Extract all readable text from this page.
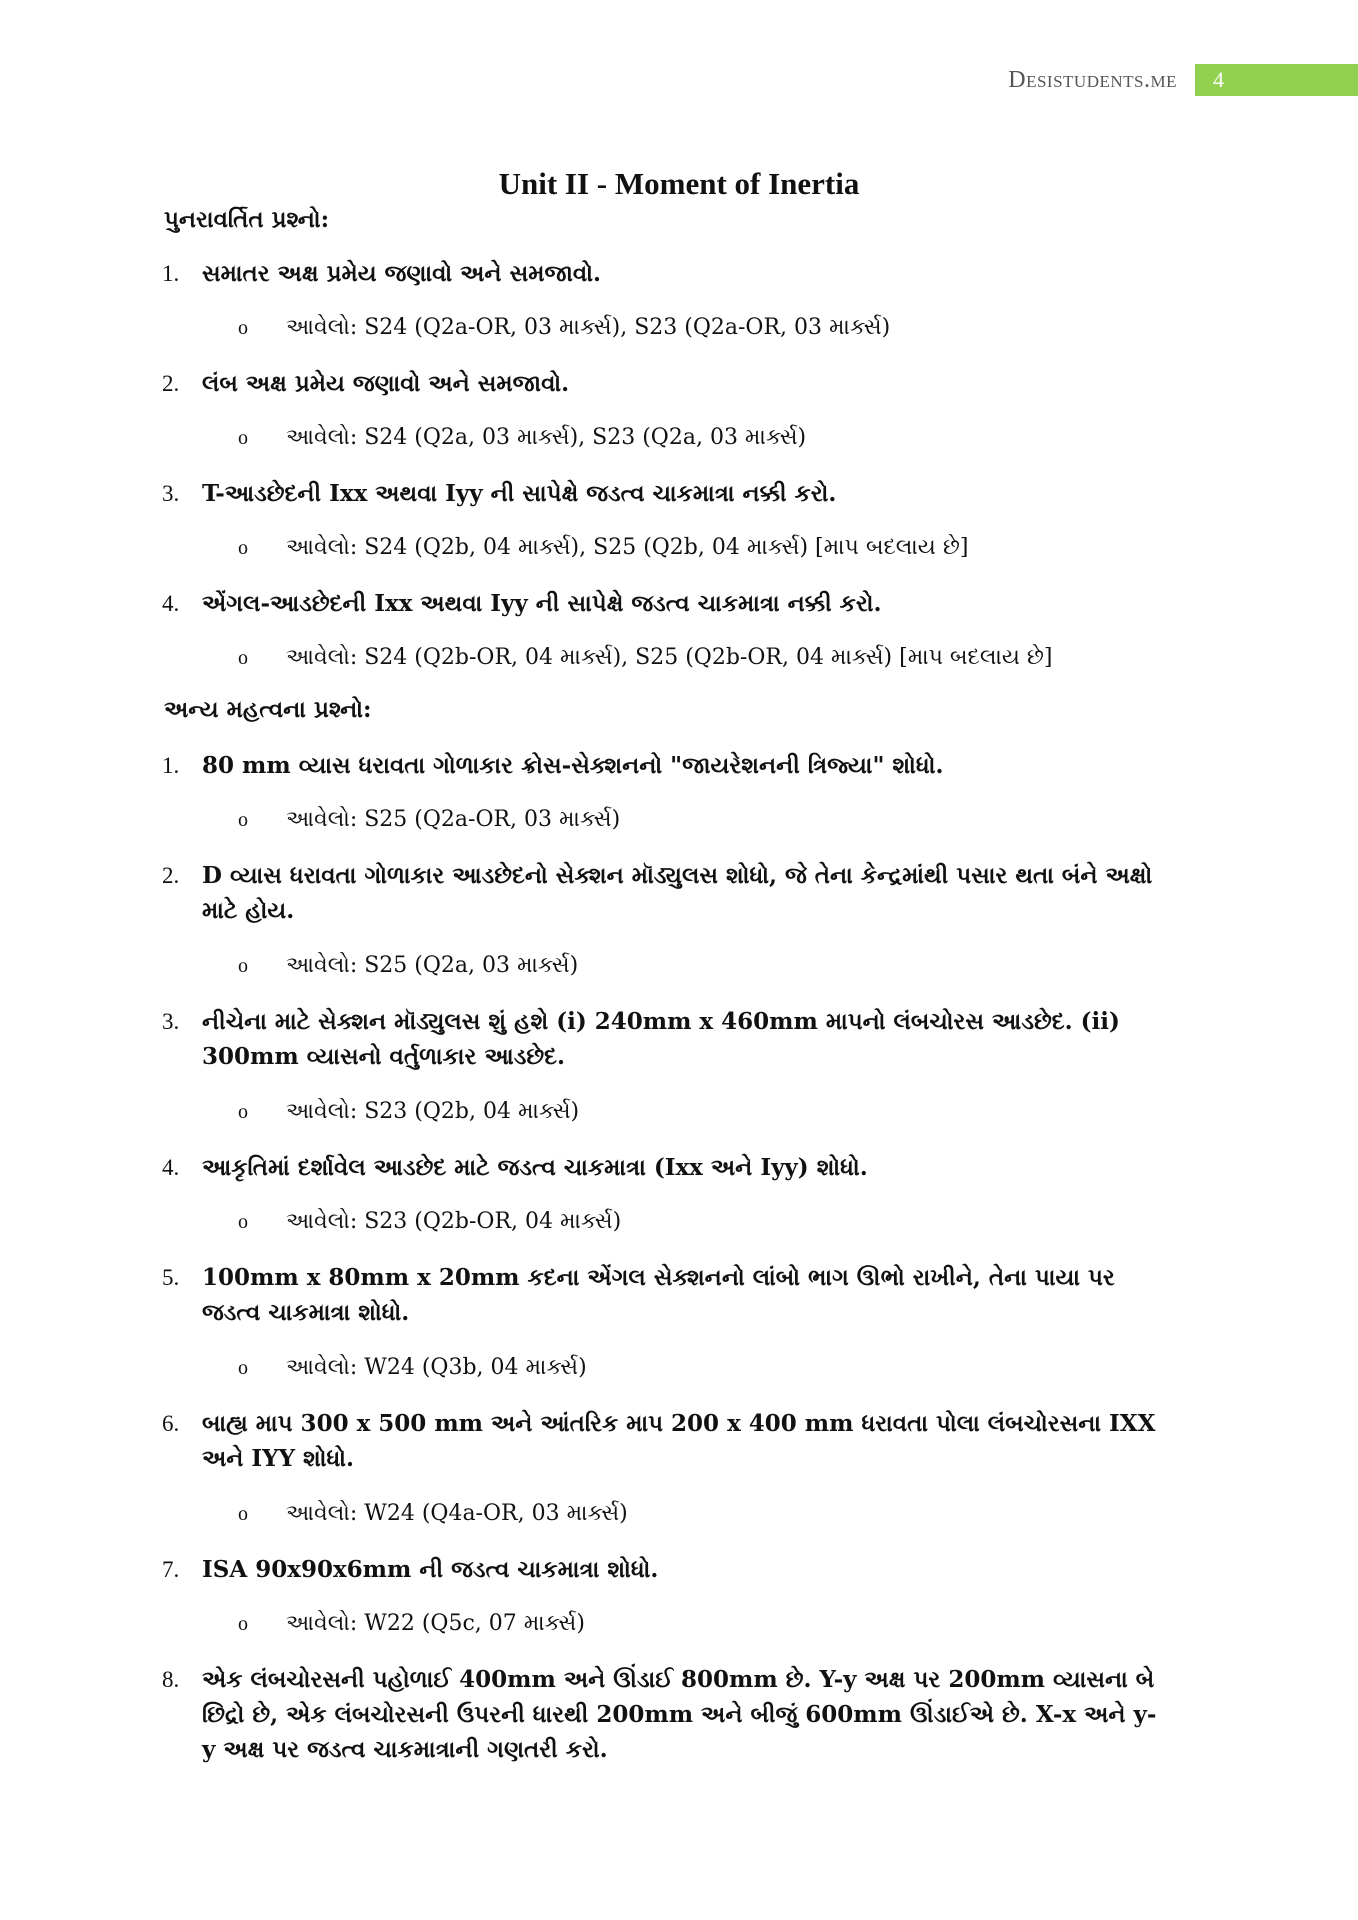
Desistudents.me	4
Unit II - Moment of Inertia
પુનરાવર્તિત પ્રશ્નો:
1. સમાતર અક્ષ પ્રમેય જણાવો અને સમજાવો.
o આવેલો: S24 (Q2a-OR, 03 માર્ક્સ), S23 (Q2a-OR, 03 માર્ક્સ)
2. લંબ અક્ષ પ્રમેય જણાવો અને સમજાવો.
o આવેલો: S24 (Q2a, 03 માર્ક્સ), S23 (Q2a, 03 માર્ક્સ)
3. T-આડછેદની Ixx અથવા Iyy ની સાપેક્ષે જડત્વ ચાકમાત્રા નક્કી કરો.
o આવેલો: S24 (Q2b, 04 માર્ક્સ), S25 (Q2b, 04 માર્ક્સ) [માપ બદલાય છે]
4. એંગલ-આડછેદની Ixx અથવા Iyy ની સાપેક્ષે જડત્વ ચાકમાત્રા નક્કી કરો.
o આવેલો: S24 (Q2b-OR, 04 માર્ક્સ), S25 (Q2b-OR, 04 માર્ક્સ) [માપ બદલાય છે]
અન્ય મહત્વના પ્રશ્નો:
1. 80 mm વ્યાસ ધરાવતા ગોળાકાર ક્રોસ-સેક્શનનો "જાયરેશનની ત્રિજ્યા" શોધો.
o આવેલો: S25 (Q2a-OR, 03 માર્ક્સ)
2. D વ્યાસ ધરાવતા ગોળાકાર આડછેદનો સેક્શન મૉડ્યુલસ શોધો, જે તેના કેન્દ્રમાંથી પસાર થતા બંને અક્ષો માટે હોય.
o આવેલો: S25 (Q2a, 03 માર્ક્સ)
3. નીચેના માટે સેક્શન મૉડ્યુલસ શું હશે (i) 240mm x 460mm માપનો લંબચોરસ આડછેદ. (ii) 300mm વ્યાસનો વર્તુળાકાર આડછેદ.
o આવેલો: S23 (Q2b, 04 માર્ક્સ)
4. આકૃતિમાં દર્શાવેલ આડછેદ માટે જડત્વ ચાકમાત્રા (Ixx અને Iyy) શોધો.
o આવેલો: S23 (Q2b-OR, 04 માર્ક્સ)
5. 100mm x 80mm x 20mm કદના એંગલ સેક્શનનો લાંબો ભાગ ઊભો રાખીને, તેના પાયા પર જડત્વ ચાકમાત્રા શોધો.
o આવેલો: W24 (Q3b, 04 માર્ક્સ)
6. બાહ્ય માપ 300 x 500 mm અને આંતરિક માપ 200 x 400 mm ધરાવતા પોલા લંબચોરસના IXX અને IYY શોધો.
o આવેલો: W24 (Q4a-OR, 03 માર્ક્સ)
7. ISA 90x90x6mm ની જડત્વ ચાકમાત્રા શોધો.
o આવેલો: W22 (Q5c, 07 માર્ક્સ)
8. એક લંબચોરસની પહોળાઈ 400mm અને ઊંડાઈ 800mm છે. Y-y અક્ષ પર 200mm વ્યાસના બે છિદ્રો છે, એક લંબચોરસની ઉપરની ધારથી 200mm અને બીજું 600mm ઊંડાઈએ છે. X-x અને y-y અક્ષ પર જડત્વ ચાકમાત્રાની ગણતરી કરો.
